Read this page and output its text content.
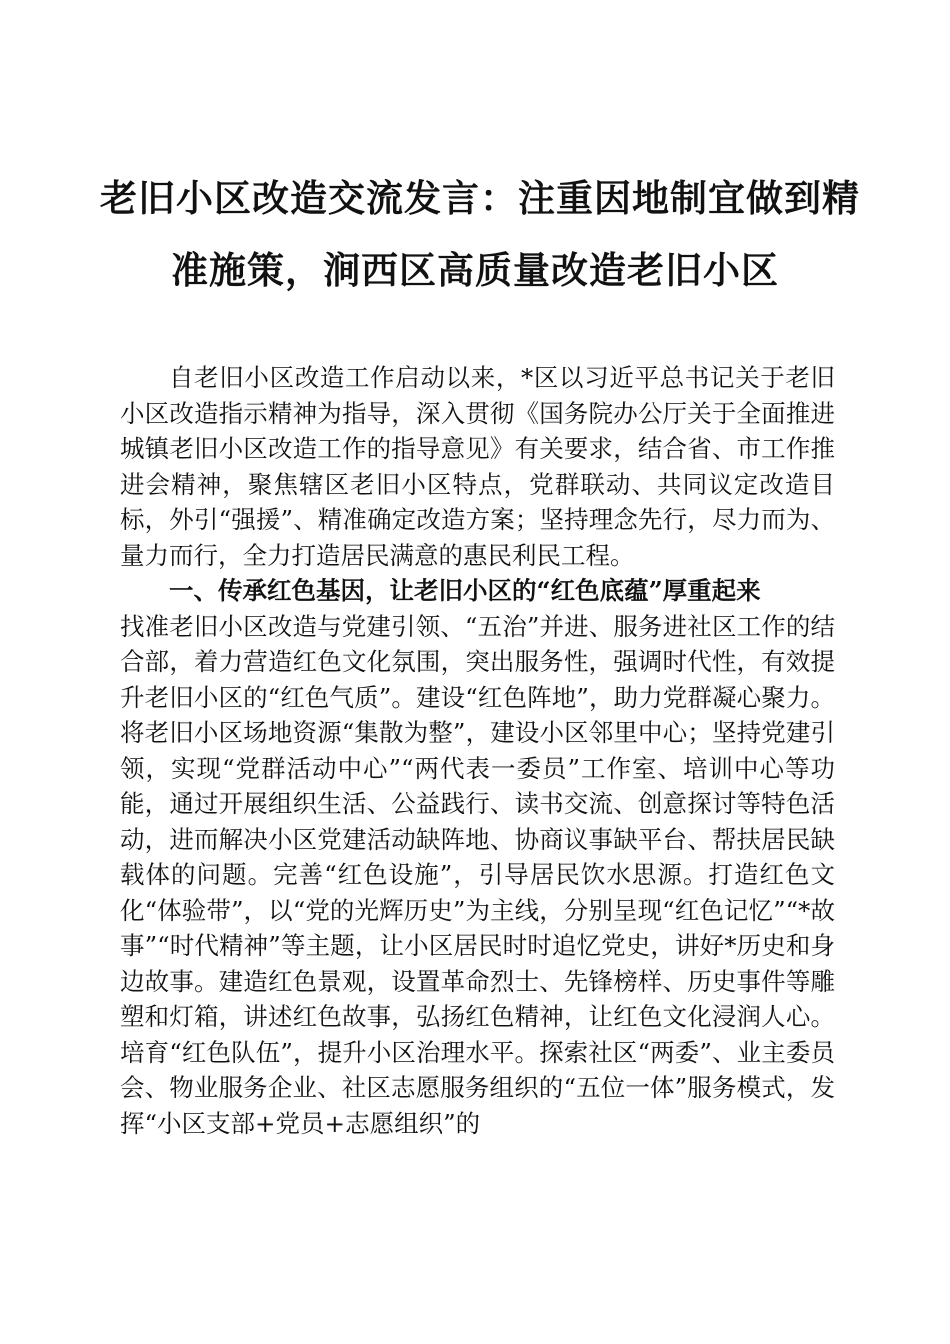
老旧小区改造交流发言：注重因地制宜做到精
准施策，涧西区高质量改造老旧小区

自老旧小区改造工作启动以来，*区以习近平总书记关于老旧小区改造指示精神为指导，深入贯彻《国务院办公厅关于全面推进城镇老旧小区改造工作的指导意见》有关要求，结合省、市工作推进会精神，聚焦辖区老旧小区特点，党群联动、共同议定改造目标，外引“强援”、精准确定改造方案；坚持理念先行，尽力而为、量力而行，全力打造居民满意的惠民利民工程。

一、传承红色基因，让老旧小区的“红色底蕴”厚重起来

找准老旧小区改造与党建引领、“五治”并进、服务进社区工作的结合部，着力营造红色文化氛围，突出服务性，强调时代性，有效提升老旧小区的“红色气质”。建设“红色阵地”，助力党群凝心聚力。将老旧小区场地资源“集散为整”，建设小区邻里中心；坚持党建引领，实现“党群活动中心”“两代表一委员”工作室、培训中心等功能，通过开展组织生活、公益践行、读书交流、创意探讨等特色活动，进而解决小区党建活动缺阵地、协商议事缺平台、帮扶居民缺载体的问题。完善“红色设施”，引导居民饮水思源。打造红色文化“体验带”，以“党的光辉历史”为主线，分别呈现“红色记忆”“*故事”“时代精神”等主题，让小区居民时时追忆党史，讲好*历史和身边故事。建造红色景观，设置革命烈士、先锋榜样、历史事件等雕塑和灯箱，讲述红色故事，弘扬红色精神，让红色文化浸润人心。培育“红色队伍”，提升小区治理水平。探索社区“两委”、业主委员会、物业服务企业、社区志愿服务组织的“五位一体”服务模式，发挥“小区支部+党员+志愿组织”的
